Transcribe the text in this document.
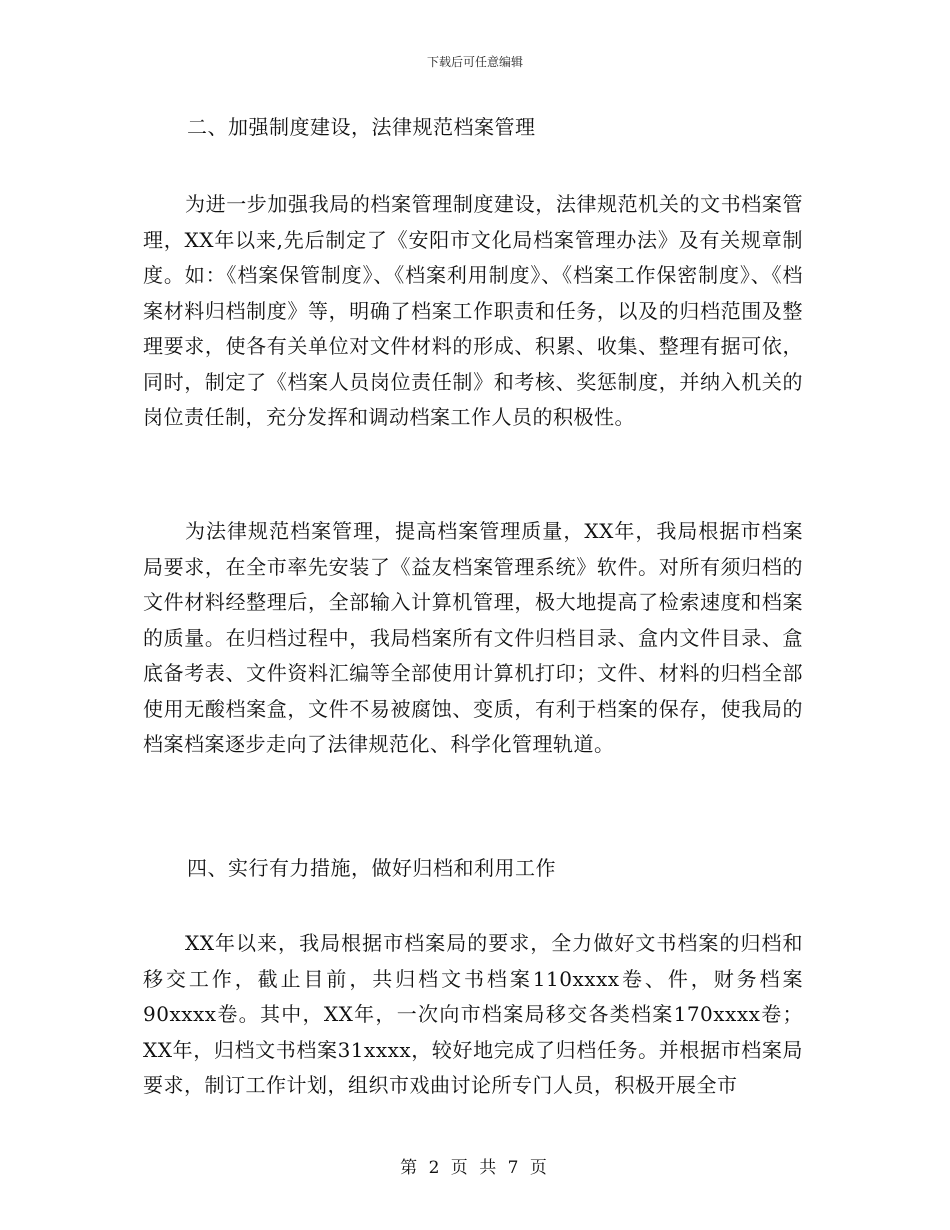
下载后可任意编辑

二、加强制度建设，法律规范档案管理

为进一步加强我局的档案管理制度建设，法律规范机关的文书档案管理，XX年以来,先后制定了《安阳市文化局档案管理办法》及有关规章制度。如：《档案保管制度》、《档案利用制度》、《档案工作保密制度》、《档案材料归档制度》等，明确了档案工作职责和任务，以及的归档范围及整理要求，使各有关单位对文件材料的形成、积累、收集、整理有据可依，同时，制定了《档案人员岗位责任制》和考核、奖惩制度，并纳入机关的岗位责任制，充分发挥和调动档案工作人员的积极性。

为法律规范档案管理，提高档案管理质量，XX年，我局根据市档案局要求，在全市率先安装了《益友档案管理系统》软件。对所有须归档的文件材料经整理后，全部输入计算机管理，极大地提高了检索速度和档案的质量。在归档过程中，我局档案所有文件归档目录、盒内文件目录、盒底备考表、文件资料汇编等全部使用计算机打印；文件、材料的归档全部使用无酸档案盒，文件不易被腐蚀、变质，有利于档案的保存，使我局的档案档案逐步走向了法律规范化、科学化管理轨道。

四、实行有力措施，做好归档和利用工作

XX年以来，我局根据市档案局的要求，全力做好文书档案的归档和移交工作，截止目前，共归档文书档案110xxxx卷、件，财务档案90xxxx卷。其中，XX年，一次向市档案局移交各类档案170xxxx卷；XX年，归档文书档案31xxxx，较好地完成了归档任务。并根据市档案局要求，制订工作计划，组织市戏曲讨论所专门人员，积极开展全市

第 2 页 共 7 页
